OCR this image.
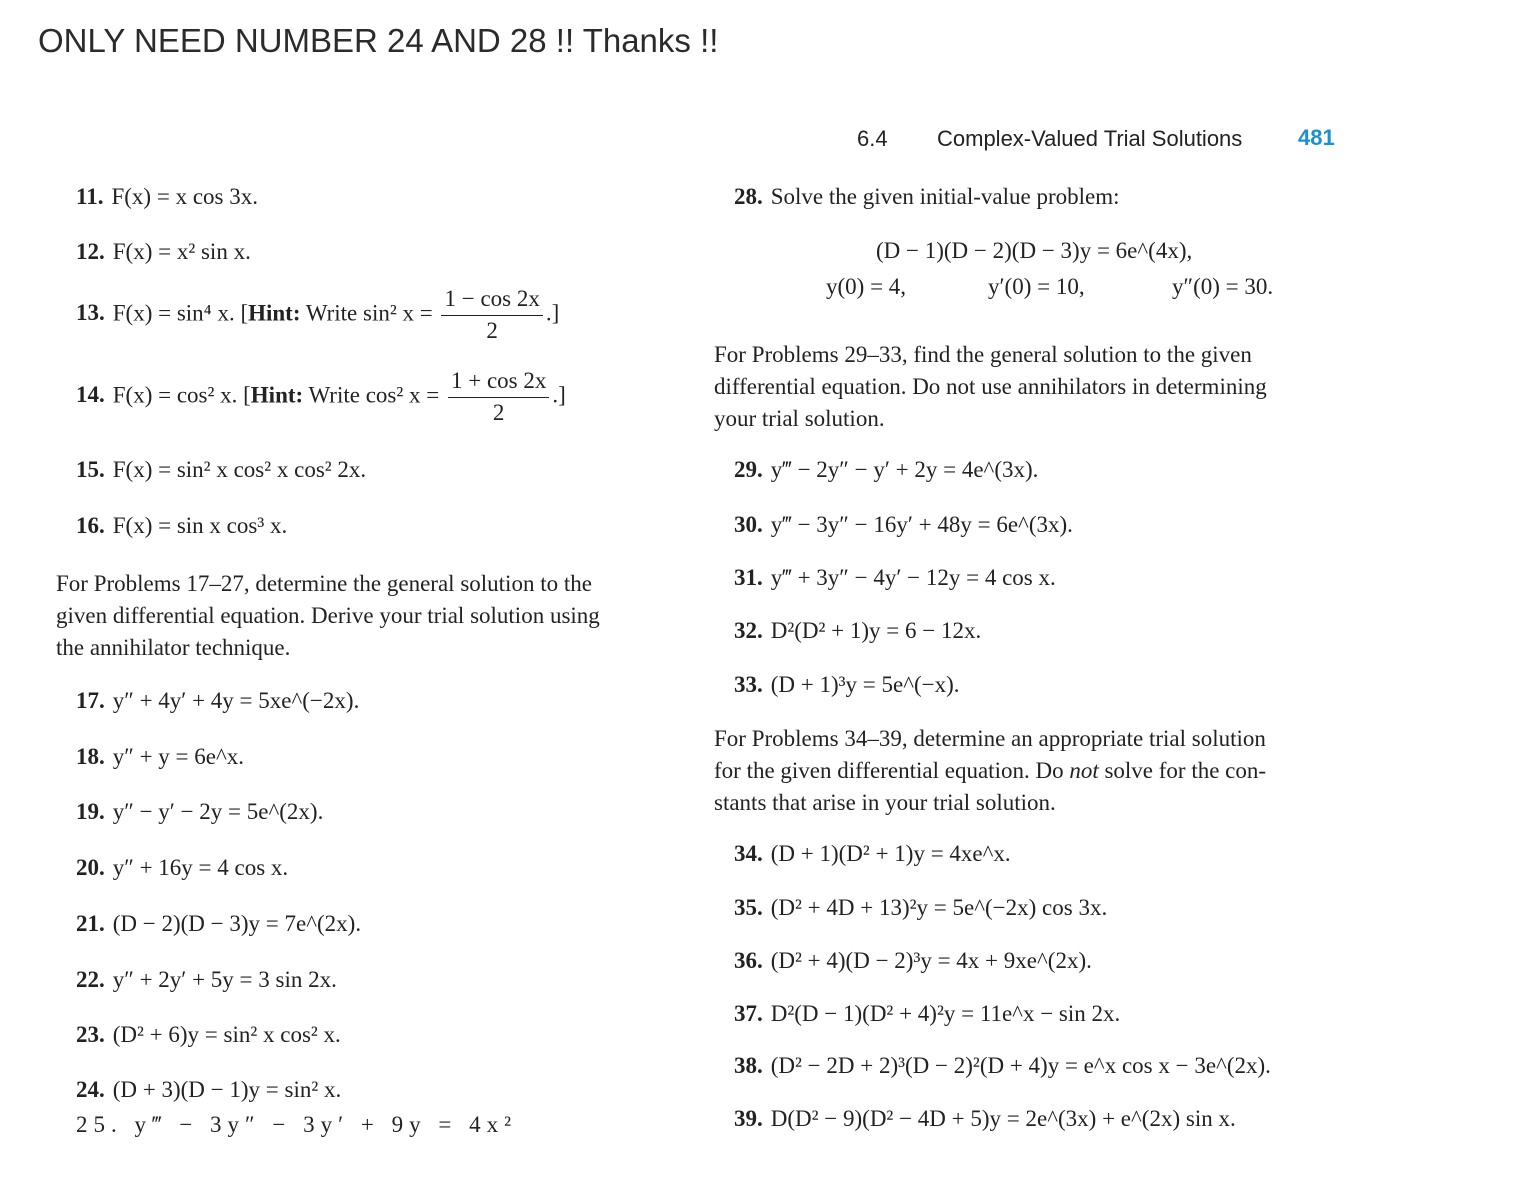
ONLY NEED NUMBER 24 AND 28 !! Thanks !!
6.4 Complex-Valued Trial Solutions	481
11. F(x) = x cos 3x.
12. F(x) = x² sin x.
13. F(x) = sin⁴ x. [Hint: Write sin² $x = \frac{1 - \cos 2x}{2}$ .]
14. F(x) = cos² x. [Hint: Write cos² $x = \frac{1 + \cos 2x}{2}$ .]
15. F(x) = sin² x cos² x cos² 2x.
16. F(x) = sin x cos³ x.
For Problems 17–27, determine the general solution to the
given differential equation. Derive your trial solution using
the annihilator technique.
17. y″ + 4y′ + 4y = 5xe^(−2x).
18. y″ + y = 6e^x.
19. y″ − y′ − 2y = 5e^(2x).
20. y″ + 16y = 4 cos x.
21. (D − 2)(D − 3)y = 7e^(2x).
22. y″ + 2y′ + 5y = 3 sin 2x.
23. (D² + 6)y = sin² x cos² x.
24. (D + 3)(D − 1)y = sin² x.
25. y‴ − 3y″ − 3y′ + 9y = 4x²
28. Solve the given initial-value problem:
(D − 1)(D − 2)(D − 3)y = 6e^(4x),
y(0) = 4,	y′(0) = 10,	y″(0) = 30.
For Problems 29–33, find the general solution to the given
differential equation. Do not use annihilators in determining
your trial solution.
29. y‴ − 2y″ − y′ + 2y = 4e^(3x).
30. y‴ − 3y″ − 16y′ + 48y = 6e^(3x).
31. y‴ + 3y″ − 4y′ − 12y = 4 cos x.
32. D²(D² + 1)y = 6 − 12x.
33. (D + 1)³y = 5e^(−x).
For Problems 34–39, determine an appropriate trial solution
for the given differential equation. Do not solve for the con-
stants that arise in your trial solution.
34. (D + 1)(D² + 1)y = 4xe^x.
35. (D² + 4D + 13)²y = 5e^(−2x) cos 3x.
36. (D² + 4)(D − 2)³y = 4x + 9xe^(2x).
37. D²(D − 1)(D² + 4)²y = 11e^x − sin 2x.
38. (D² − 2D + 2)³(D − 2)²(D + 4)y = e^x cos x − 3e^(2x).
39. D(D² − 9)(D² − 4D + 5)y = 2e^(3x) + e^(2x) sin x.
